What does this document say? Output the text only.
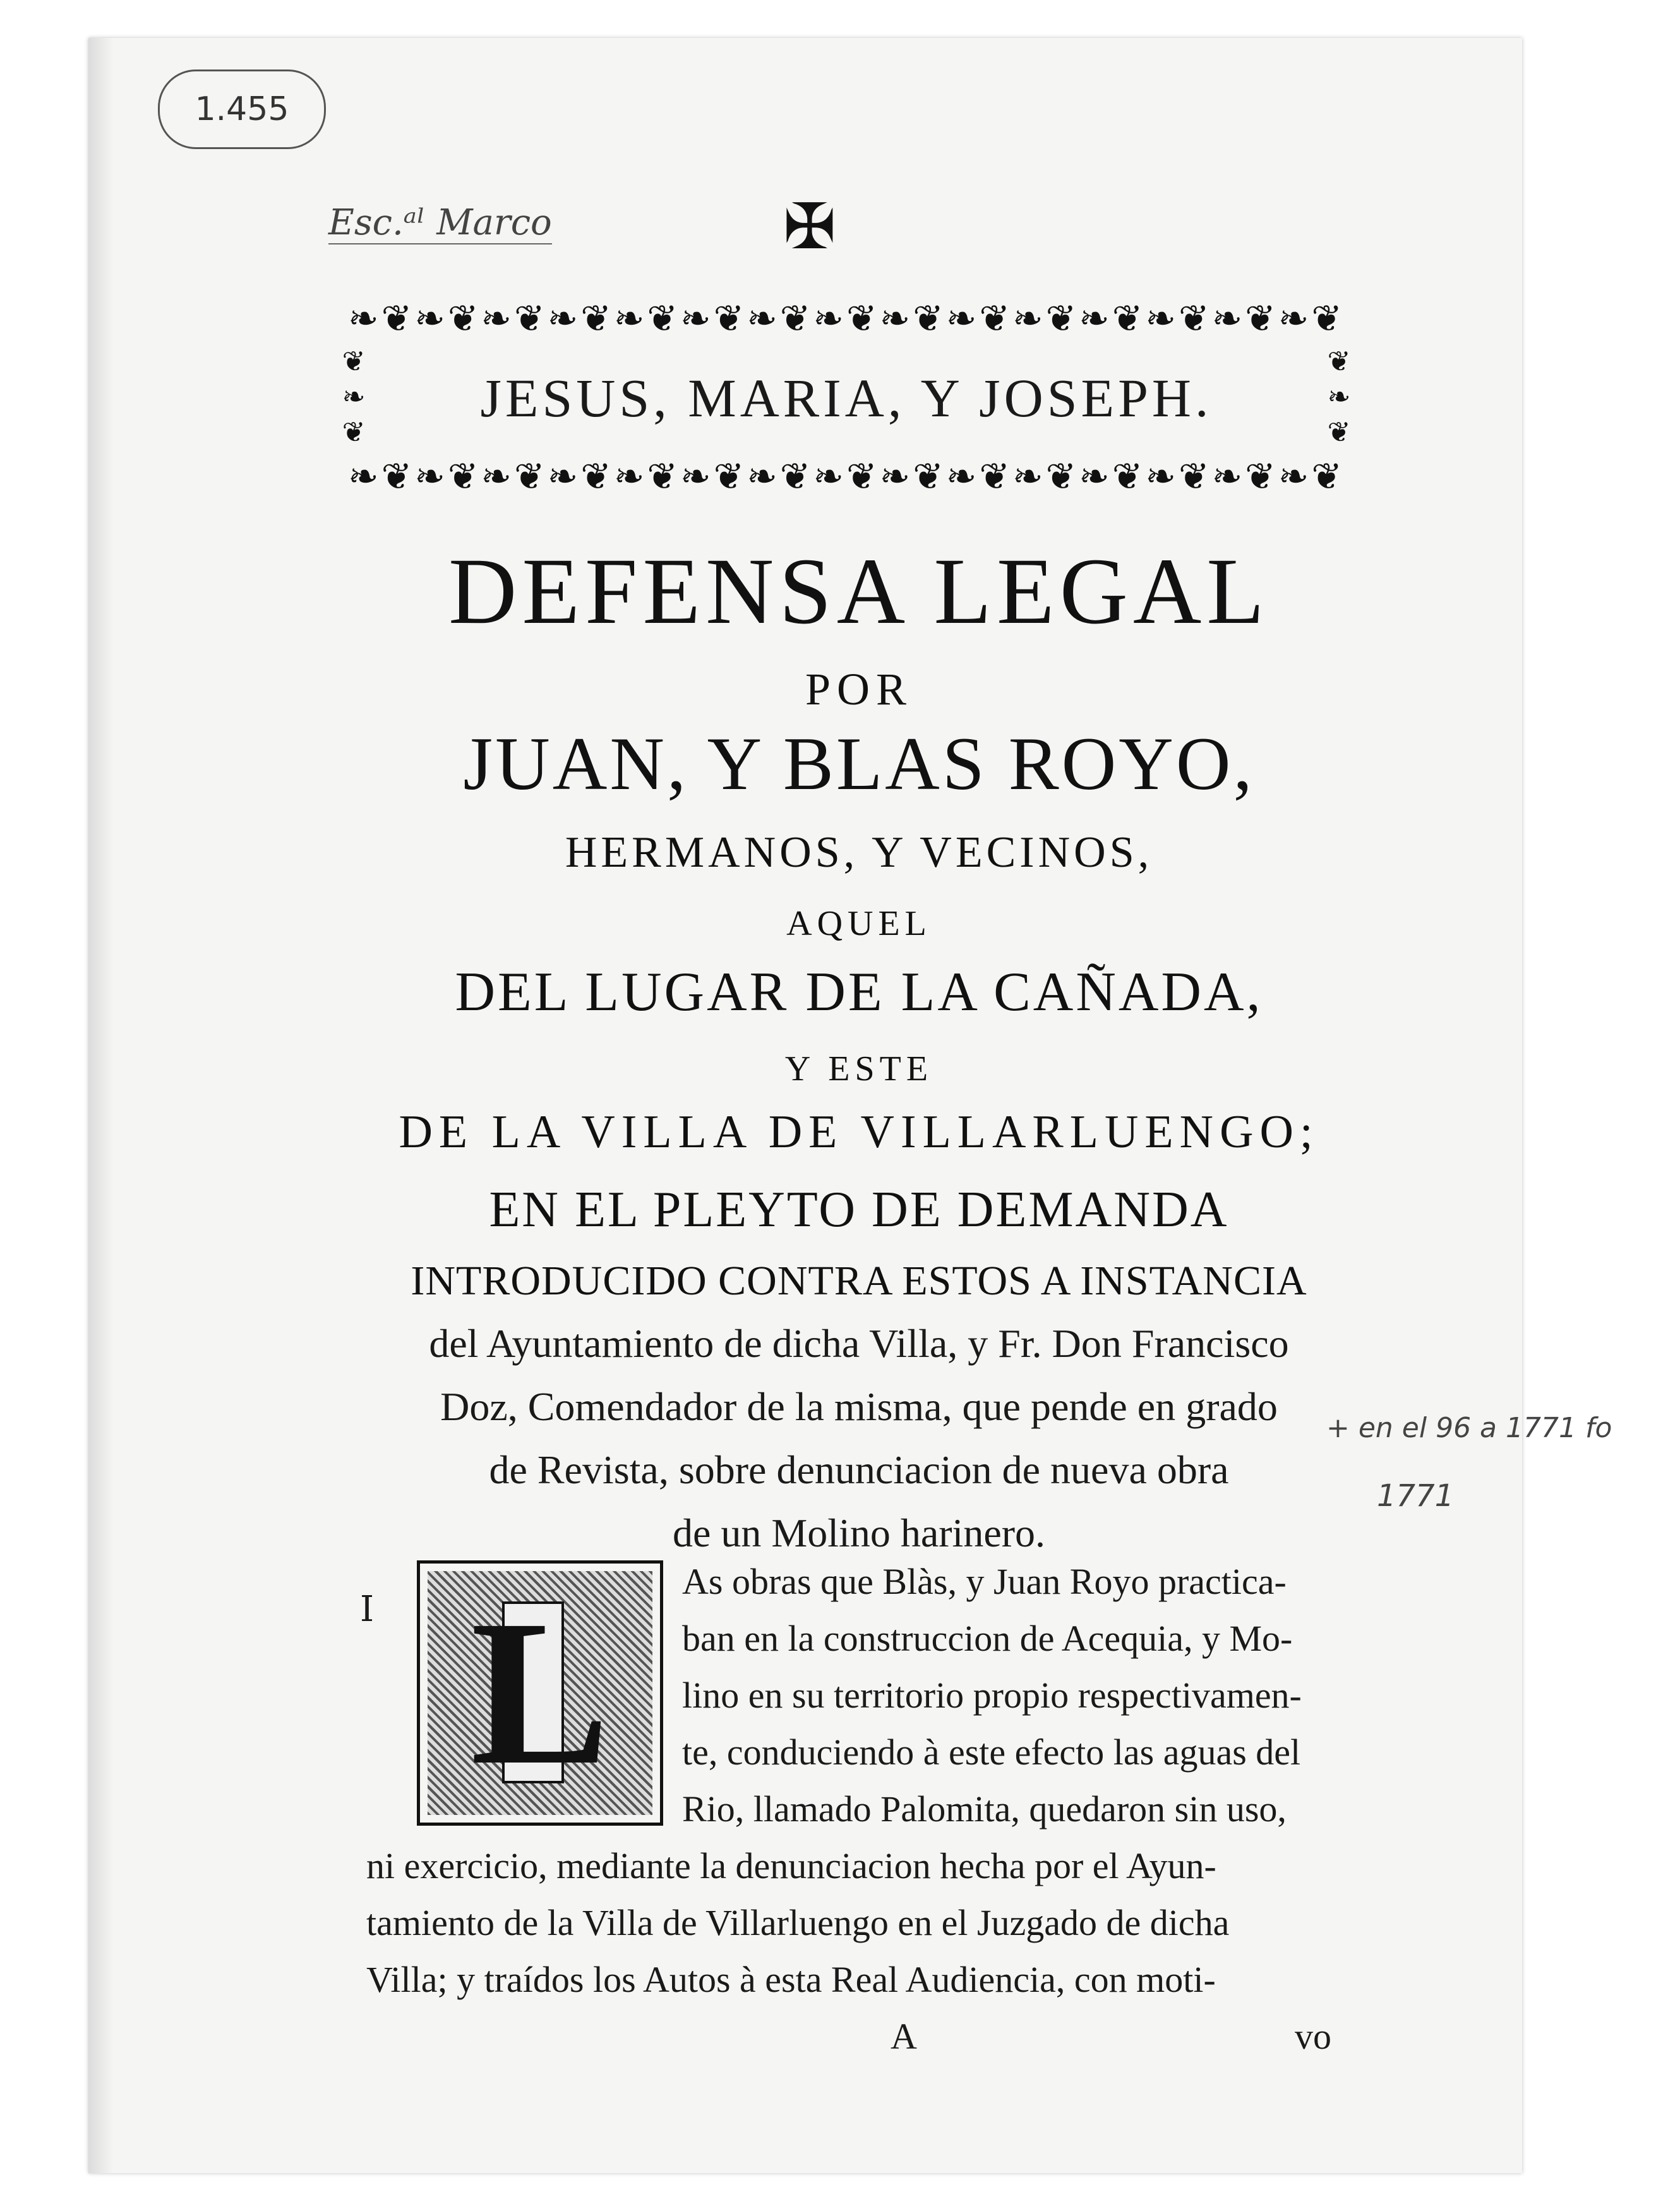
1.455
Esc.ᵃˡ Marco	✠
❧❦❧❦❧❦❧❦❧❦❧❦❧❦❧❦❧❦❧❦❧❦❧❦❧❦❧❦❧❦
❧❦❧❦❧❦❧❦❧❦❧❦❧❦❧❦❧❦❧❦❧❦❧❦❧❦❧❦❧❦
❦
❧
❦
❦
❧
❦
JESUS, MARIA, Y JOSEPH.
DEFENSA LEGAL
POR
JUAN, Y BLAS ROYO,
HERMANOS, Y VECINOS,
AQUEL
DEL LUGAR DE LA CAÑADA,
Y ESTE
DE LA VILLA DE VILLARLUENGO;
EN EL PLEYTO DE DEMANDA
INTRODUCIDO CONTRA ESTOS A INSTANCIA
del Ayuntamiento de dicha Villa, y Fr. Don Francisco
Doz, Comendador de la misma, que pende en grado
de Revista, sobre denunciacion de nueva obra
de un Molino harinero.
+ en el 96 a 1771 fo
1771
I L As obras que Blàs, y Juan Royo practica-
ban en la construccion de Acequia, y Mo-
lino en su territorio propio respectivamen-
te, conduciendo à este efecto las aguas del
Rio, llamado Palomita, quedaron sin uso,
ni exercicio, mediante la denunciacion hecha por el Ayun-
tamiento de la Villa de Villarluengo en el Juzgado de dicha
Villa; y traídos los Autos à esta Real Audiencia, con moti-
A	vo
